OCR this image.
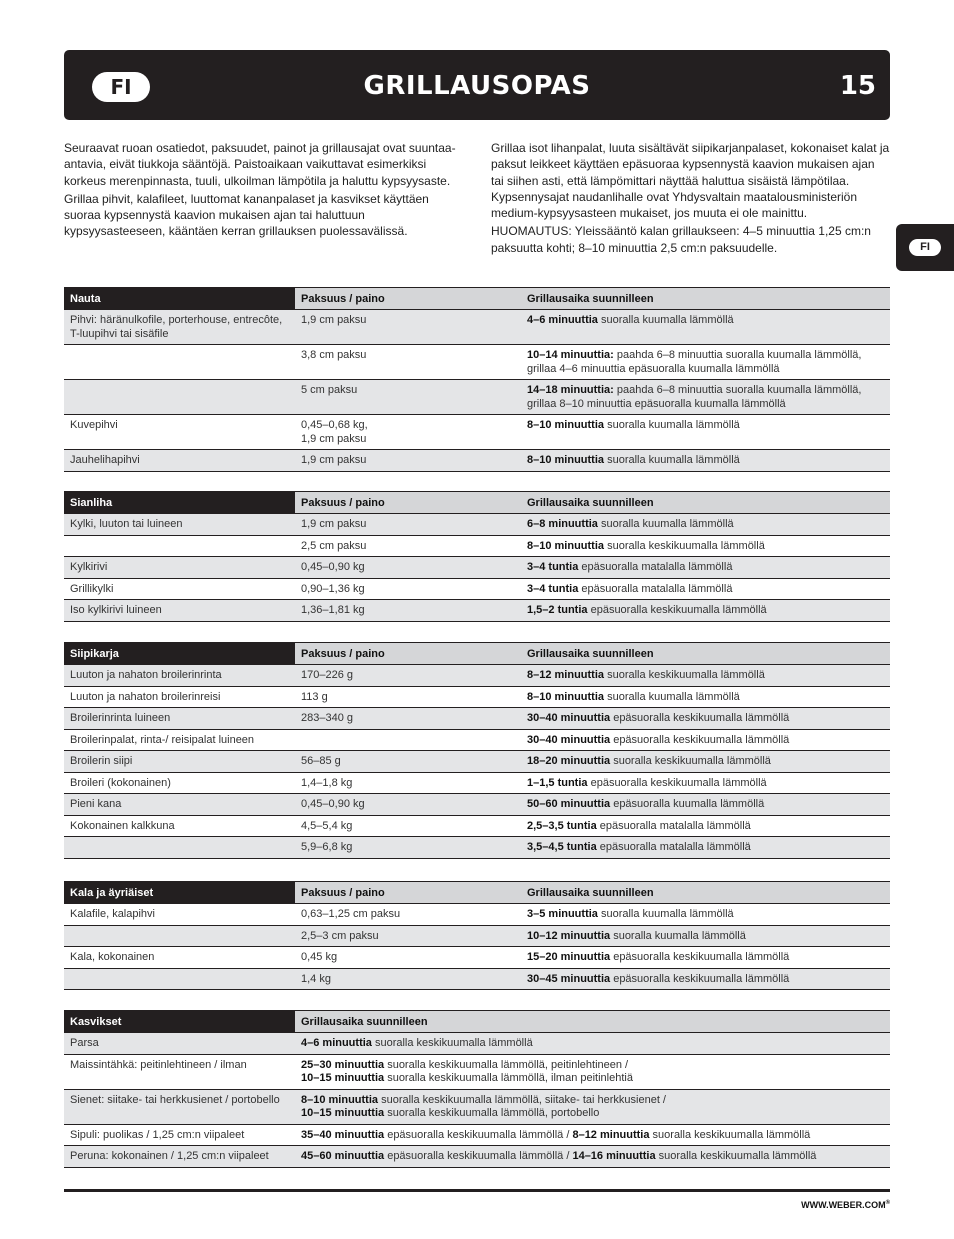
FI	GRILLAUSOPAS	15
FI

Seuraavat ruoan osatiedot, paksuudet, painot ja grillausajat ovat suuntaa-antavia, eivät tiukkoja sääntöjä. Paistoaikaan vaikuttavat esimerkiksi korkeus merenpinnasta, tuuli, ulkoilman lämpötila ja haluttu kypsyysaste.

Grillaa pihvit, kalafileet, luuttomat kananpalaset ja kasvikset käyttäen suoraa kypsennystä kaavion mukaisen ajan tai haluttuun kypsyysasteeseen, kääntäen kerran grillauksen puolessavälissä.

Grillaa isot lihanpalat, luuta sisältävät siipikarjanpalaset, kokonaiset kalat ja paksut leikkeet käyttäen epäsuoraa kypsennystä kaavion mukaisen ajan tai siihen asti, että lämpömittari näyttää haluttua sisäistä lämpötilaa. Kypsennysajat naudanlihalle ovat Yhdysvaltain maatalousministeriön medium-kypsyysasteen mukaiset, jos muuta ei ole mainittu.

HUOMAUTUS: Yleissääntö kalan grillaukseen: 4–5 minuuttia 1,25 cm:n paksuutta kohti; 8–10 minuuttia 2,5 cm:n paksuudelle.

Nauta	Paksuus / paino	Grillausaika suunnilleen
Pihvi: häränulkofile, porterhouse, entrecôte, T-luupihvi tai sisäfile	1,9 cm paksu	4–6 minuuttia suoralla kuumalla lämmöllä

	3,8 cm paksu	10–14 minuuttia: paahda 6–8 minuuttia suoralla kuumalla lämmöllä, grillaa 4–6 minuuttia epäsuoralla kuumalla lämmöllä

	5 cm paksu	14–18 minuuttia: paahda 6–8 minuuttia suoralla kuumalla lämmöllä, grillaa 8–10 minuuttia epäsuoralla kuumalla lämmöllä

Kuvepihvi	0,45–0,68 kg,
1,9 cm paksu	8–10 minuuttia suoralla kuumalla lämmöllä

Jauhelihapihvi	1,9 cm paksu	8–10 minuuttia suoralla kuumalla lämmöllä
Sianliha	Paksuus / paino	Grillausaika suunnilleen
Kylki, luuton tai luineen	1,9 cm paksu	6–8 minuuttia suoralla kuumalla lämmöllä

	2,5 cm paksu	8–10 minuuttia suoralla keskikuumalla lämmöllä

Kylkirivi	0,45–0,90 kg	3–4 tuntia epäsuoralla matalalla lämmöllä

Grillikylki	0,90–1,36 kg	3–4 tuntia epäsuoralla matalalla lämmöllä

Iso kylkirivi luineen	1,36–1,81 kg	1,5–2 tuntia epäsuoralla keskikuumalla lämmöllä
Siipikarja	Paksuus / paino	Grillausaika suunnilleen
Luuton ja nahaton broilerinrinta	170–226 g	8–12 minuuttia suoralla keskikuumalla lämmöllä

Luuton ja nahaton broilerinreisi	113 g	8–10 minuuttia suoralla kuumalla lämmöllä

Broilerinrinta luineen	283–340 g	30–40 minuuttia epäsuoralla keskikuumalla lämmöllä

Broilerinpalat, rinta-/ reisipalat luineen		30–40 minuuttia epäsuoralla keskikuumalla lämmöllä

Broilerin siipi	56–85 g	18–20 minuuttia suoralla keskikuumalla lämmöllä

Broileri (kokonainen)	1,4–1,8 kg	1–1,5 tuntia epäsuoralla keskikuumalla lämmöllä

Pieni kana	0,45–0,90 kg	50–60 minuuttia epäsuoralla kuumalla lämmöllä

Kokonainen kalkkuna	4,5–5,4 kg	2,5–3,5 tuntia epäsuoralla matalalla lämmöllä

	5,9–6,8 kg	3,5–4,5 tuntia epäsuoralla matalalla lämmöllä
Kala ja äyriäiset	Paksuus / paino	Grillausaika suunnilleen
Kalafile, kalapihvi	0,63–1,25 cm paksu	3–5 minuuttia suoralla kuumalla lämmöllä

	2,5–3 cm paksu	10–12 minuuttia suoralla kuumalla lämmöllä

Kala, kokonainen	0,45 kg	15–20 minuuttia epäsuoralla keskikuumalla lämmöllä

	1,4 kg	30–45 minuuttia epäsuoralla keskikuumalla lämmöllä
Kasvikset	Grillausaika suunnilleen
Parsa	4–6 minuuttia suoralla keskikuumalla lämmöllä

Maissintähkä: peitinlehtineen / ilman	25–30 minuuttia suoralla keskikuumalla lämmöllä, peitinlehtineen /
10–15 minuuttia suoralla keskikuumalla lämmöllä, ilman peitinlehtiä

Sienet: siitake- tai herkkusienet / portobello	8–10 minuuttia suoralla keskikuumalla lämmöllä, siitake- tai herkkusienet /
10–15 minuuttia suoralla keskikuumalla lämmöllä, portobello

Sipuli: puolikas / 1,25 cm:n viipaleet	35–40 minuuttia epäsuoralla keskikuumalla lämmöllä / 8–12 minuuttia suoralla keskikuumalla lämmöllä

Peruna: kokonainen / 1,25 cm:n viipaleet	45–60 minuuttia epäsuoralla keskikuumalla lämmöllä / 14–16 minuuttia suoralla keskikuumalla lämmöllä
WWW.WEBER.COM®
